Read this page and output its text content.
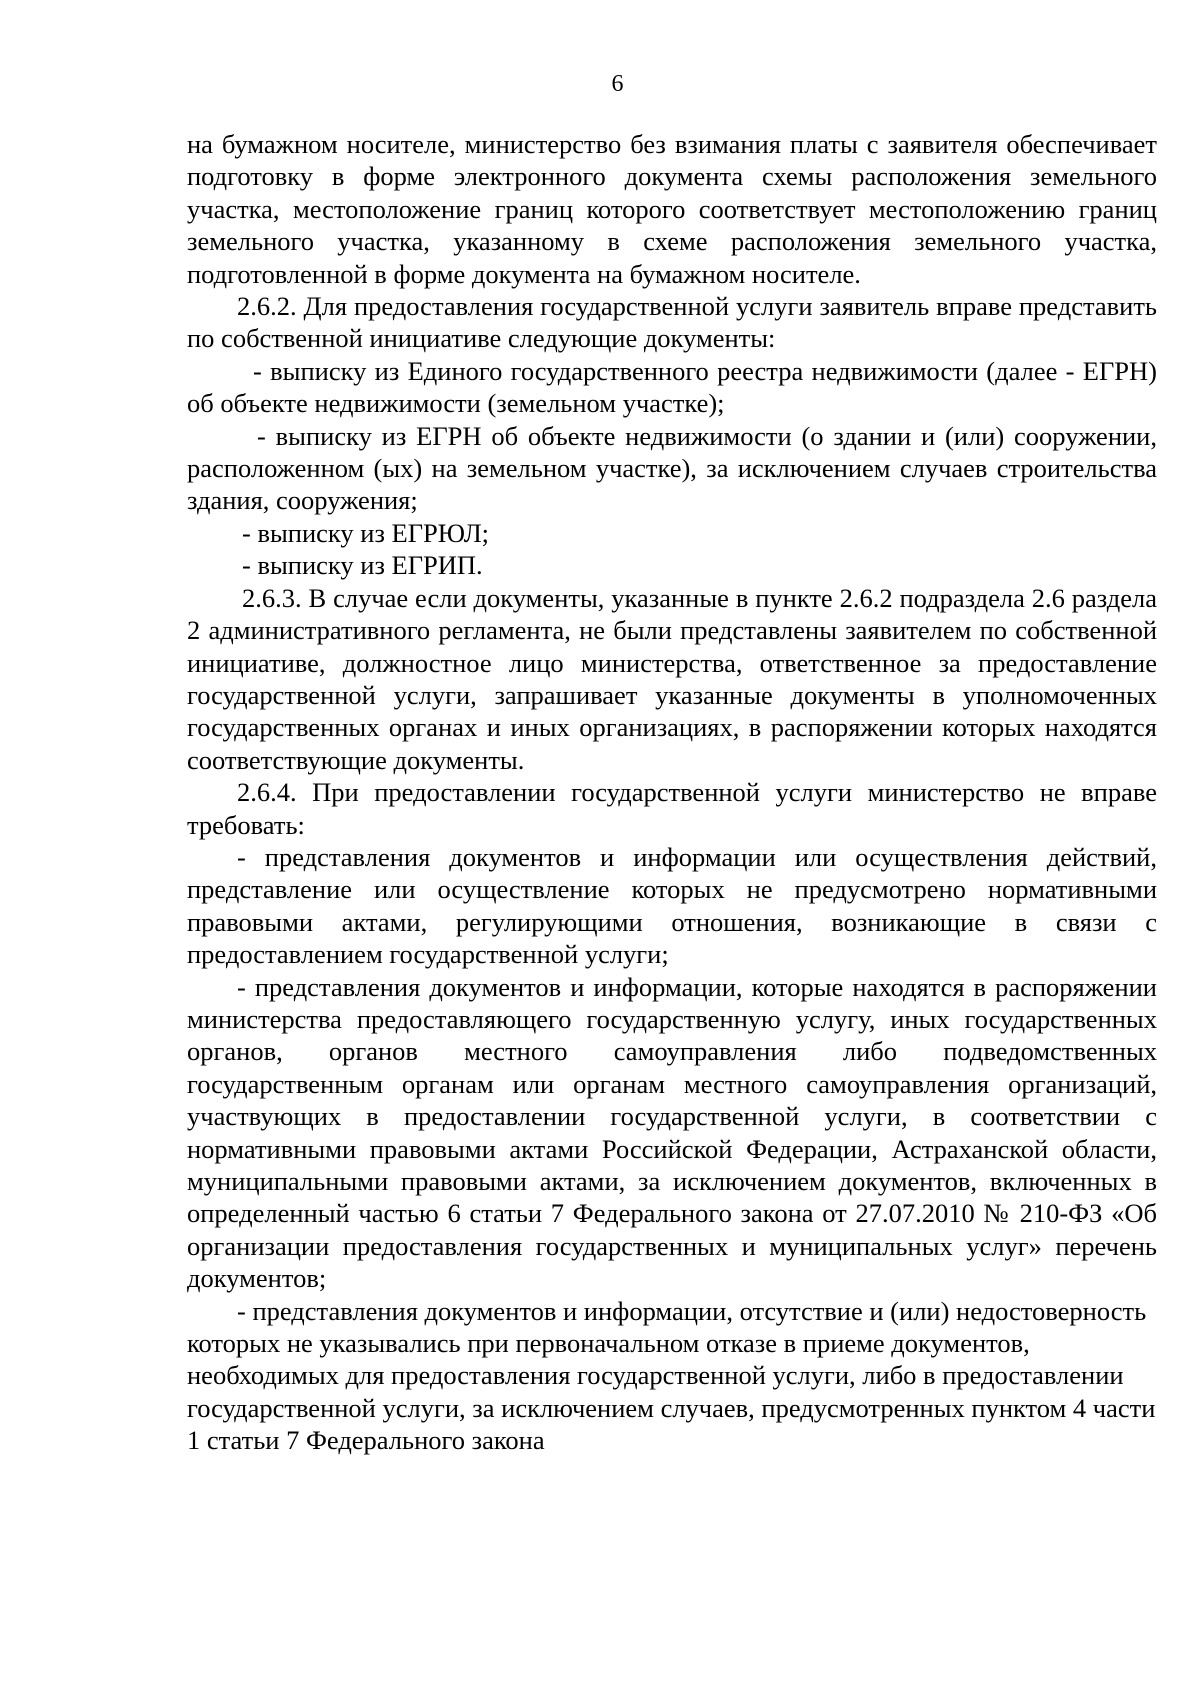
6

на бумажном носителе, министерство без взимания платы с заявителя обеспечивает подготовку в форме электронного документа схемы расположения земельного участка, местоположение границ которого соответствует местоположению границ земельного участка, указанному в схеме расположения земельного участка, подготовленной в форме документа на бумажном носителе.

2.6.2. Для предоставления государственной услуги заявитель вправе представить по собственной инициативе следующие документы:

- выписку из Единого государственного реестра недвижимости (далее - ЕГРН) об объекте недвижимости (земельном участке);

- выписку из ЕГРН об объекте недвижимости (о здании и (или) сооружении, расположенном (ых) на земельном участке), за исключением случаев строительства здания, сооружения;

- выписку из ЕГРЮЛ;

- выписку из ЕГРИП.

2.6.3. В случае если документы, указанные в пункте 2.6.2 подраздела 2.6 раздела 2 административного регламента, не были представлены заявителем по собственной инициативе, должностное лицо министерства, ответственное за предоставление государственной услуги, запрашивает указанные документы в уполномоченных государственных органах и иных организациях, в распоряжении которых находятся соответствующие документы.

2.6.4. При предоставлении государственной услуги министерство не вправе требовать:

- представления документов и информации или осуществления действий, представление или осуществление которых не предусмотрено нормативными правовыми актами, регулирующими отношения, возникающие в связи с предоставлением государственной услуги;

- представления документов и информации, которые находятся в распоряжении министерства предоставляющего государственную услугу, иных государственных органов, органов местного самоуправления либо подведомственных государственным органам или органам местного самоуправления организаций, участвующих в предоставлении государственной услуги, в соответствии с нормативными правовыми актами Российской Федерации, Астраханской области, муниципальными правовыми актами, за исключением документов, включенных в определенный частью 6 статьи 7 Федерального закона от 27.07.2010 № 210-ФЗ «Об организации предоставления государственных и муниципальных услуг» перечень документов;

- представления документов и информации, отсутствие и (или) недостоверность которых не указывались при первоначальном отказе в приеме документов, необходимых для предоставления государственной услуги, либо в предоставлении государственной услуги, за исключением случаев, предусмотренных пунктом 4 части 1 статьи 7 Федерального закона
